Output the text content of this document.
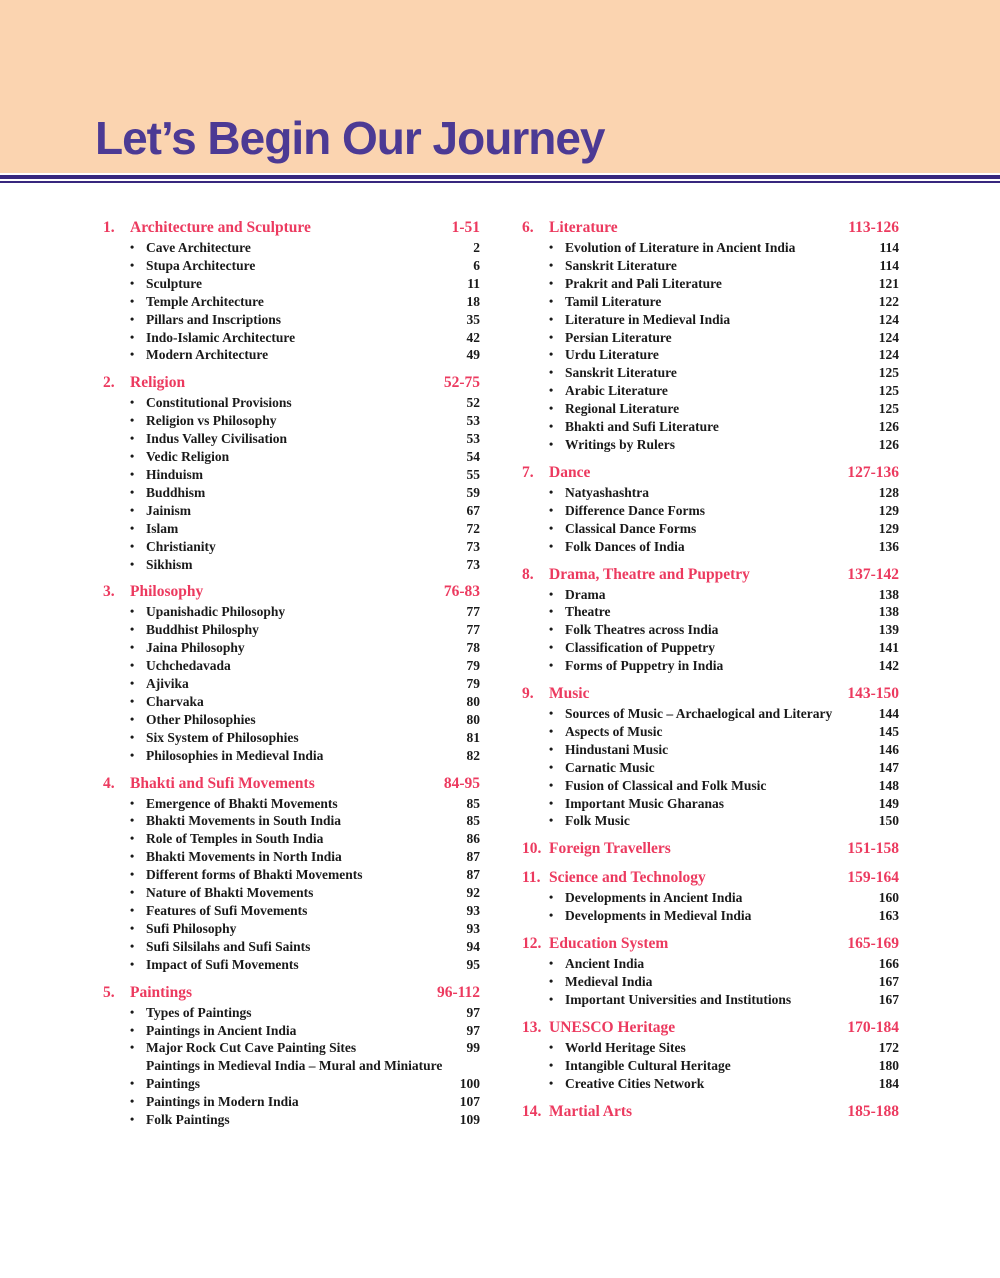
Let’s Begin Our Journey
1. Architecture and Sculpture	1-51
• Cave Architecture	2
• Stupa Architecture	6
• Sculpture	11
• Temple Architecture	18
• Pillars and Inscriptions	35
• Indo-Islamic Architecture	42
• Modern Architecture	49
2. Religion	52-75
• Constitutional Provisions	52
• Religion vs Philosophy	53
• Indus Valley Civilisation	53
• Vedic Religion	54
• Hinduism	55
• Buddhism	59
• Jainism	67
• Islam	72
• Christianity	73
• Sikhism	73
3. Philosophy	76-83
• Upanishadic Philosophy	77
• Buddhist Philosphy	77
• Jaina Philosophy	78
• Uchchedavada	79
• Ajivika	79
• Charvaka	80
• Other Philosophies	80
• Six System of Philosophies	81
• Philosophies in Medieval India	82
4. Bhakti and Sufi Movements	84-95
• Emergence of Bhakti Movements	85
• Bhakti Movements in South India	85
• Role of Temples in South India	86
• Bhakti Movements in North India	87
• Different forms of Bhakti Movements	87
• Nature of Bhakti Movements	92
• Features of Sufi Movements	93
• Sufi Philosophy	93
• Sufi Silsilahs and Sufi Saints	94
• Impact of Sufi Movements	95
5. Paintings	96-112
• Types of Paintings	97
• Paintings in Ancient India	97
• Major Rock Cut Cave Painting Sites	99
•
Paintings in Medieval India – Mural and Miniature Paintings	100
• Paintings in Modern India	107
• Folk Paintings	109
6. Literature	113-126
• Evolution of Literature in Ancient India	114
• Sanskrit Literature	114
• Prakrit and Pali Literature	121
• Tamil Literature	122
• Literature in Medieval India	124
• Persian Literature	124
• Urdu Literature	124
• Sanskrit Literature	125
• Arabic Literature	125
• Regional Literature	125
• Bhakti and Sufi Literature	126
• Writings by Rulers	126
7. Dance	127-136
• Natyashashtra	128
• Difference Dance Forms	129
• Classical Dance Forms	129
• Folk Dances of India	136
8. Drama, Theatre and Puppetry	137-142
• Drama	138
• Theatre	138
• Folk Theatres across India	139
• Classification of Puppetry	141
• Forms of Puppetry in India	142
9. Music	143-150
• Sources of Music – Archaelogical and Literary	144
• Aspects of Music	145
• Hindustani Music	146
• Carnatic Music	147
• Fusion of Classical and Folk Music	148
• Important Music Gharanas	149
• Folk Music	150
10. Foreign Travellers	151-158
11. Science and Technology	159-164
• Developments in Ancient India	160
• Developments in Medieval India	163
12. Education System	165-169
• Ancient India	166
• Medieval India	167
• Important Universities and Institutions	167
13. UNESCO Heritage	170-184
• World Heritage Sites	172
• Intangible Cultural Heritage	180
• Creative Cities Network	184
14. Martial Arts	185-188
